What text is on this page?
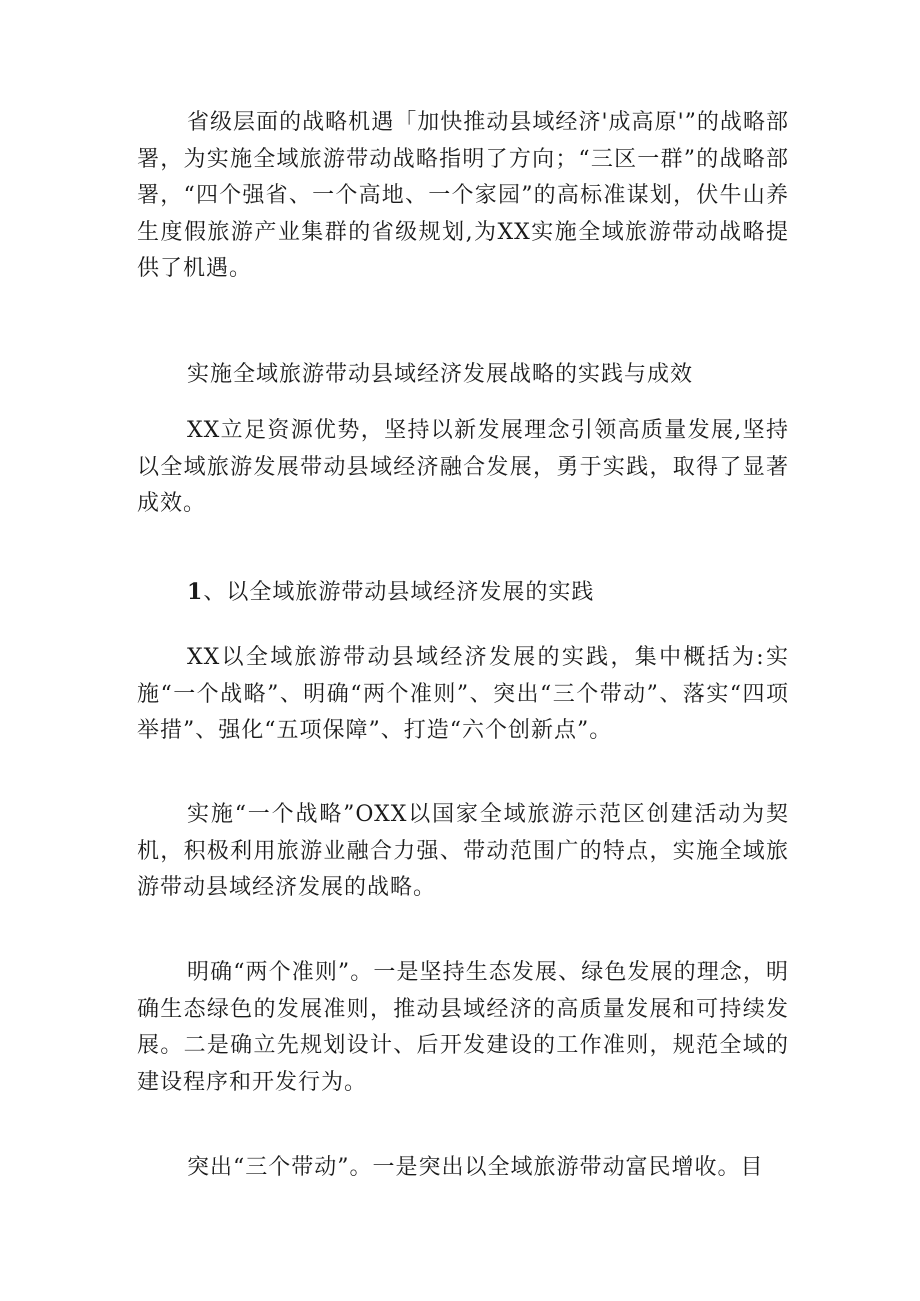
省级层面的战略机遇「加快推动县域经济'成高原'”的战略部署，为实施全域旅游带动战略指明了方向；“三区一群”的战略部署，“四个强省、一个高地、一个家园”的高标准谋划，伏牛山养生度假旅游产业集群的省级规划,为XX实施全域旅游带动战略提供了机遇。

实施全域旅游带动县域经济发展战略的实践与成效

XX立足资源优势，坚持以新发展理念引领高质量发展,坚持以全域旅游发展带动县域经济融合发展，勇于实践，取得了显著成效。

1、以全域旅游带动县域经济发展的实践

XX以全域旅游带动县域经济发展的实践，集中概括为:实施“一个战略”、明确“两个准则”、突出“三个带动”、落实“四项举措”、强化“五项保障”、打造“六个创新点”。

实施“一个战略”OXX以国家全域旅游示范区创建活动为契机，积极利用旅游业融合力强、带动范围广的特点，实施全域旅游带动县域经济发展的战略。

明确“两个准则”。一是坚持生态发展、绿色发展的理念，明确生态绿色的发展准则，推动县域经济的高质量发展和可持续发展。二是确立先规划设计、后开发建设的工作准则，规范全域的建设程序和开发行为。

突出“三个带动”。一是突出以全域旅游带动富民增收。目
